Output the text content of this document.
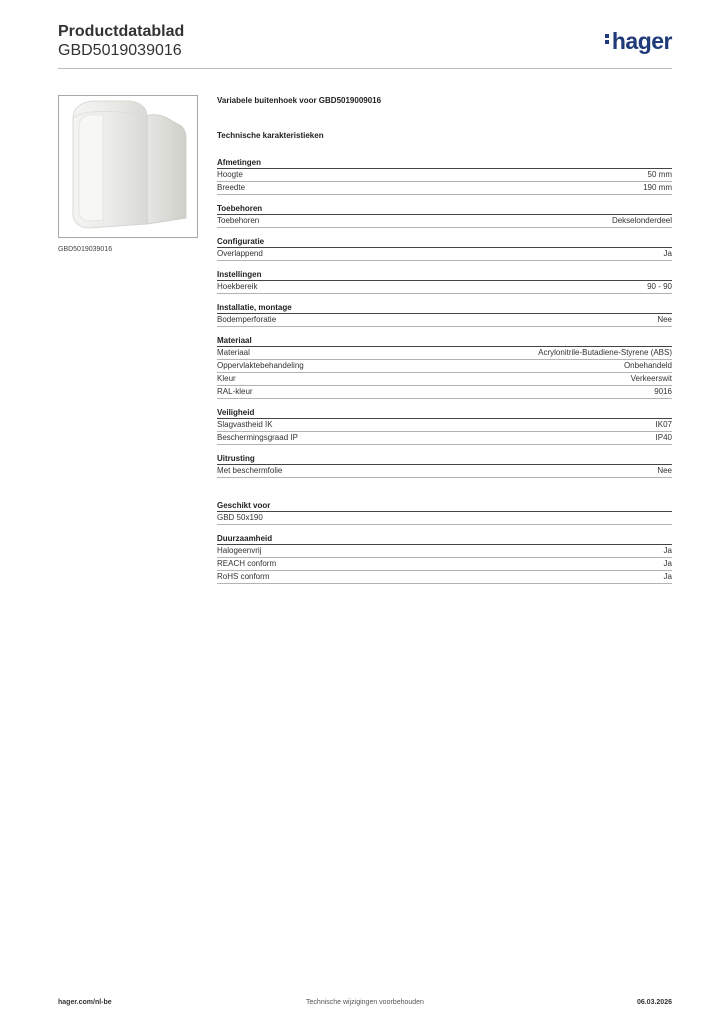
Productdatablad
GBD5019039016	hager
GBD5019039016
Variabele buitenhoek voor GBD5019009016
Technische karakteristieken
Afmetingen
Hoogte	50 mm
Breedte	190 mm
Toebehoren
Toebehoren	Dekselonderdeel
Configuratie
Overlappend	Ja
Instellingen
Hoekbereik	90 - 90
Installatie, montage
Bodemperforatie	Nee
Materiaal
Materiaal	Acrylonitrile-Butadiene-Styrene (ABS)
Oppervlaktebehandeling	Onbehandeld
Kleur	Verkeerswit
RAL-kleur	9016
Veiligheid
Slagvastheid IK	IK07
Beschermingsgraad IP	IP40
Uitrusting
Met beschermfolie	Nee
Geschikt voor
GBD 50x190
Duurzaamheid
Halogeenvrij	Ja
REACH conform	Ja
RoHS conform	Ja
hager.com/nl-be	Technische wijzigingen voorbehouden	06.03.2026
